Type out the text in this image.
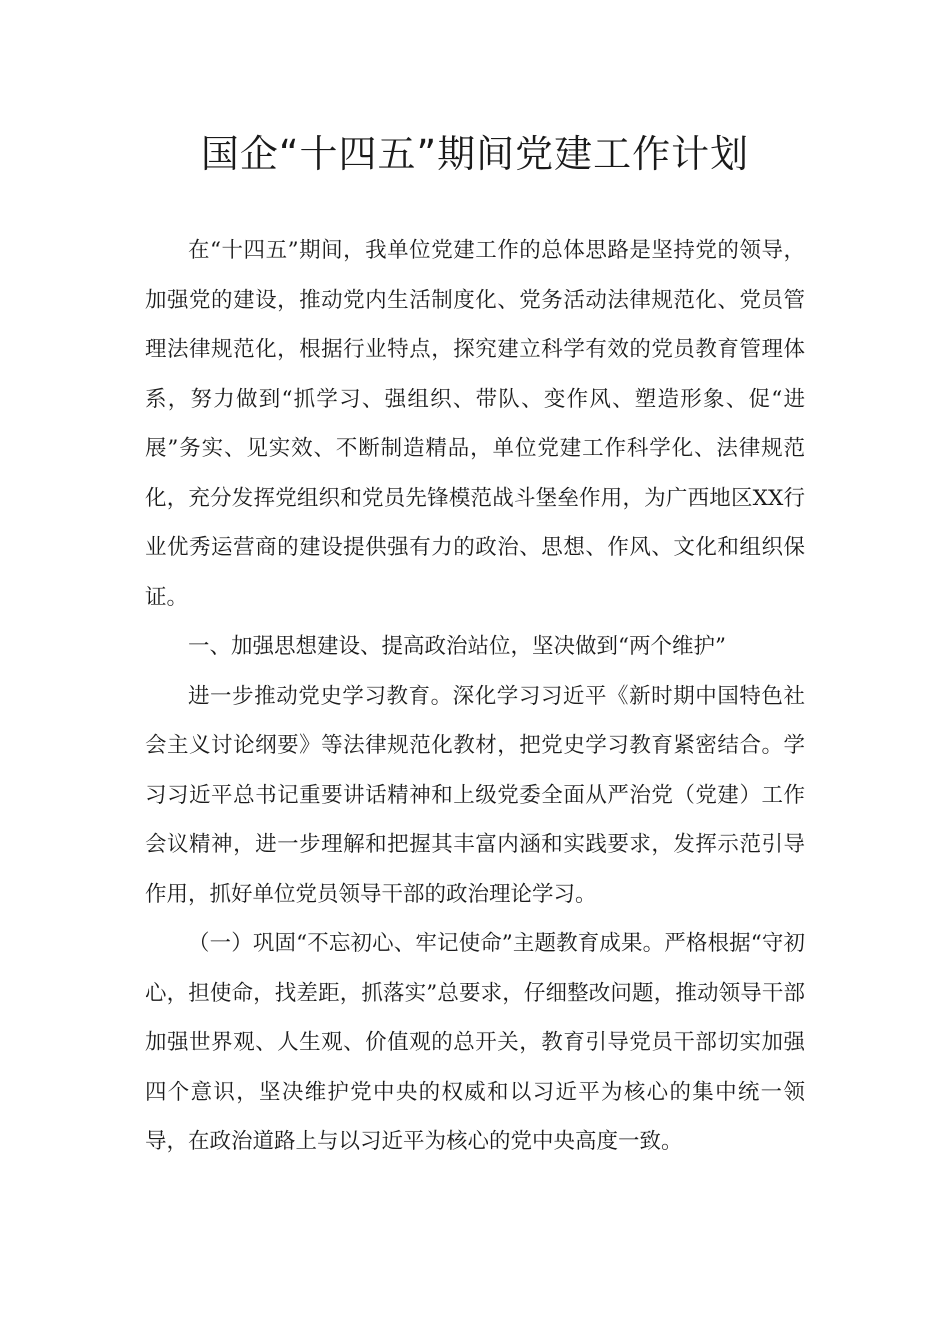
国企“十四五”期间党建工作计划

在“十四五”期间，我单位党建工作的总体思路是坚持党的领导，加强党的建设，推动党内生活制度化、党务活动法律规范化、党员管理法律规范化，根据行业特点，探究建立科学有效的党员教育管理体系，努力做到“抓学习、强组织、带队、变作风、塑造形象、促“进展”务实、见实效、不断制造精品，单位党建工作科学化、法律规范化，充分发挥党组织和党员先锋模范战斗堡垒作用，为广西地区XX行业优秀运营商的建设提供强有力的政治、思想、作风、文化和组织保证。

一、加强思想建设、提高政治站位，坚决做到“两个维护”

进一步推动党史学习教育。深化学习习近平《新时期中国特色社会主义讨论纲要》等法律规范化教材，把党史学习教育紧密结合。学习习近平总书记重要讲话精神和上级党委全面从严治党（党建）工作会议精神，进一步理解和把握其丰富内涵和实践要求，发挥示范引导作用，抓好单位党员领导干部的政治理论学习。

（一）巩固“不忘初心、牢记使命”主题教育成果。严格根据“守初心，担使命，找差距，抓落实”总要求，仔细整改问题，推动领导干部加强世界观、人生观、价值观的总开关，教育引导党员干部切实加强四个意识，坚决维护党中央的权威和以习近平为核心的集中统一领导，在政治道路上与以习近平为核心的党中央高度一致。
